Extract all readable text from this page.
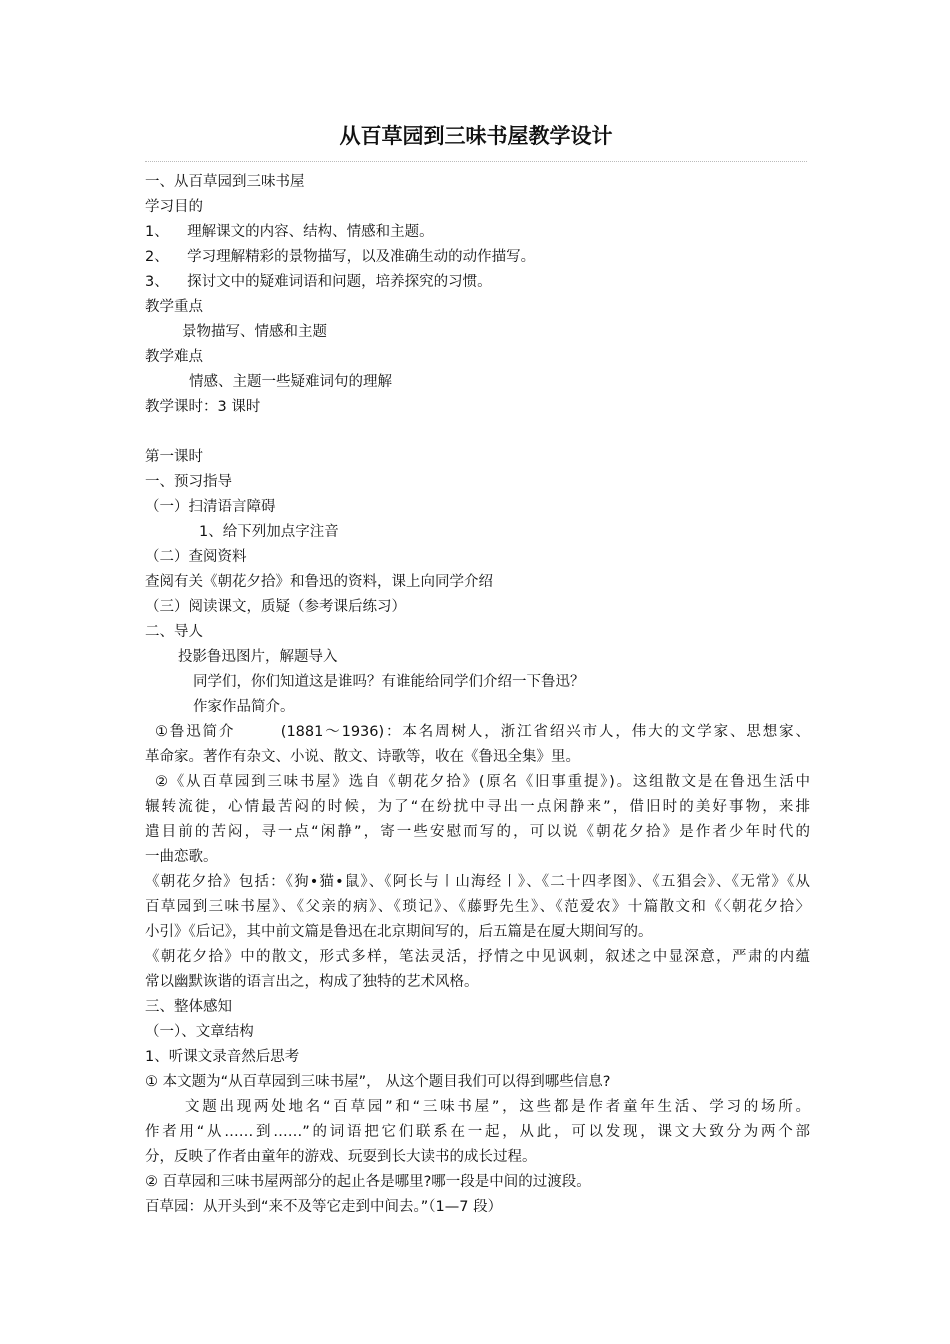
从百草园到三味书屋教学设计
一、从百草园到三味书屋
学习目的
1、    理解课文的内容、结构、情感和主题。
2、    学习理解精彩的景物描写，以及准确生动的动作描写。
3、    探讨文中的疑难词语和问题，培养探究的习惯。
教学重点
景物描写、情感和主题
教学难点
情感、主题一些疑难词句的理解
教学课时：3 课时
第一课时
一、预习指导
（一）扫清语言障碍
1、给下列加点字注音
（二）查阅资料
查阅有关《朝花夕拾》和鲁迅的资料，课上向同学介绍
（三）阅读课文，质疑（参考课后练习）
二、导人
投影鲁迅图片，解题导入
同学们，你们知道这是谁吗？有谁能给同学们介绍一下鲁迅？
作家作品简介。
①鲁迅简介       (1881～1936)：本名周树人，浙江省绍兴市人，伟大的文学家、思想家、
革命家。著作有杂文、小说、散文、诗歌等，收在《鲁迅全集》里。
②《从百草园到三味书屋》选自《朝花夕拾》(原名《旧事重提》)。这组散文是在鲁迅生活中
辗转流徙，心情最苦闷的时候，为了“在纷扰中寻出一点闲静来”，借旧时的美好事物，来排
遣目前的苦闷，寻一点“闲静”，寄一些安慰而写的，可以说《朝花夕拾》是作者少年时代的
一曲恋歌。
《朝花夕拾》包括：《狗•猫•鼠》、《阿长与〡山海经〡》、《二十四孝图》、《五猖会》、《无常》《从
百草园到三味书屋》、《父亲的病》、《琐记》、《藤野先生》、《范爱农》十篇散文和《〈朝花夕拾〉
小引》《后记》，其中前文篇是鲁迅在北京期间写的，后五篇是在厦大期间写的。
《朝花夕拾》中的散文，形式多样，笔法灵活，抒情之中见讽刺，叙述之中显深意，严肃的内蕴
常以幽默诙谐的语言出之，构成了独特的艺术风格。
三、整体感知
（一）、文章结构
1、听课文录音然后思考
① 本文题为“从百草园到三味书屋”， 从这个题目我们可以得到哪些信息?
文题出现两处地名“百草园”和“三味书屋”，这些都是作者童年生活、学习的场所。
作者用“从……到……”的词语把它们联系在一起，从此，可以发现，课文大致分为两个部
分，反映了作者由童年的游戏、玩耍到长大读书的成长过程。
② 百草园和三味书屋两部分的起止各是哪里?哪一段是中间的过渡段。
百草园：从开头到“来不及等它走到中间去。”（1—7 段）
